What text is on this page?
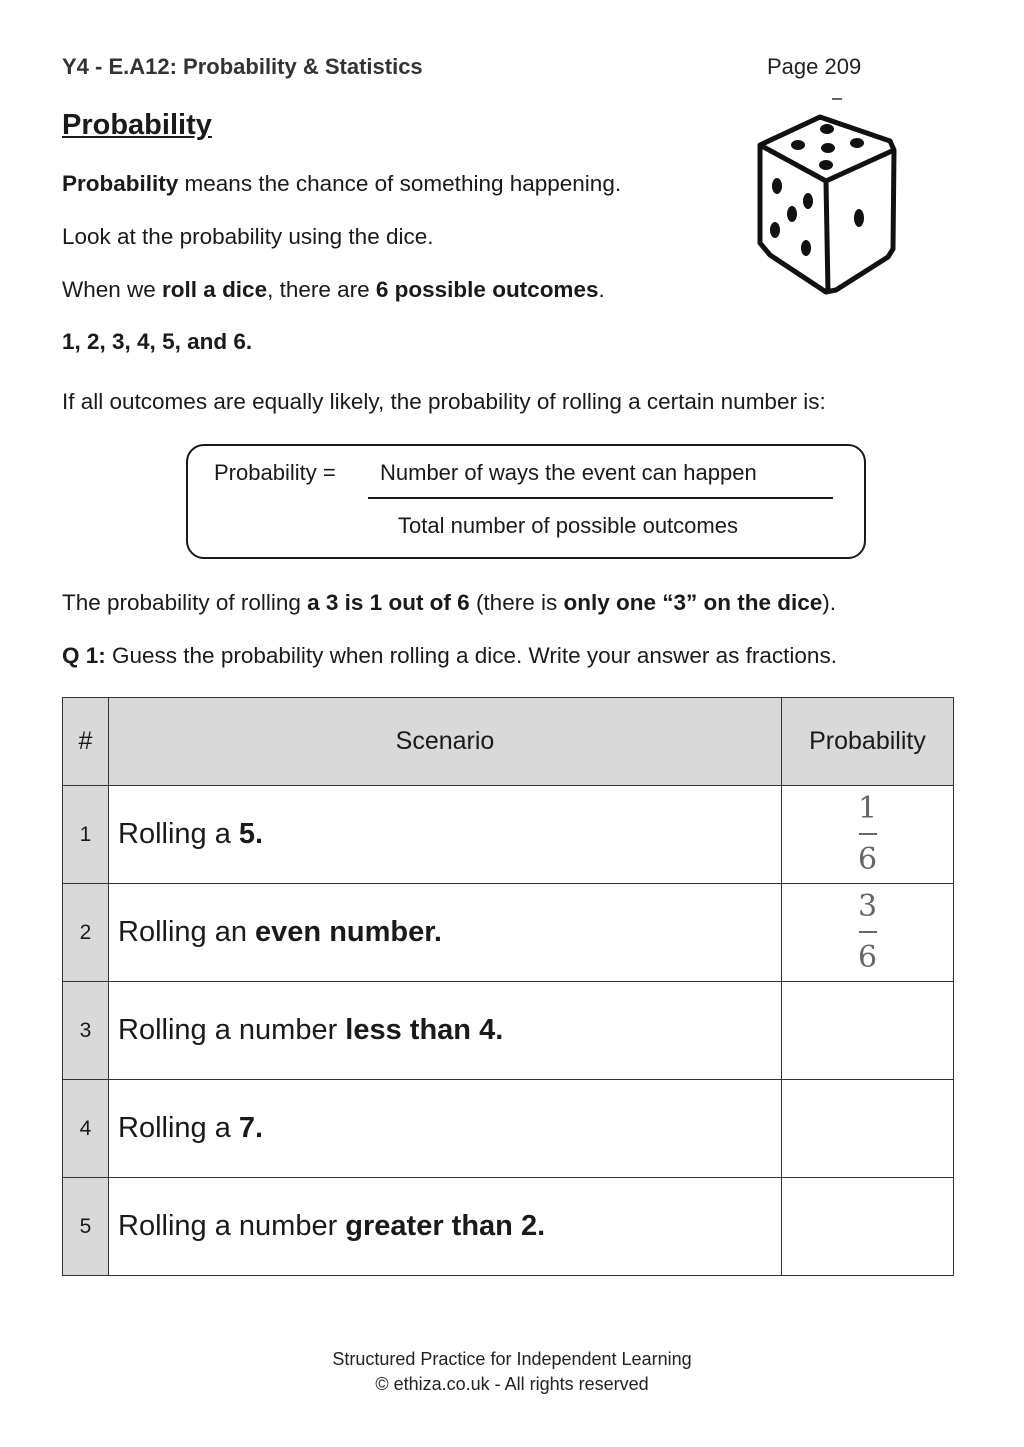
Y4 - E.A12: Probability & Statistics	Page 209
Probability
Probability means the chance of something happening.
Look at the probability using the dice.
When we roll a dice, there are 6 possible outcomes.
1, 2, 3, 4, 5, and 6.
If all outcomes are equally likely, the probability of rolling a certain number is:
Probability = Number of ways the event can happen
Total number of possible outcomes
The probability of rolling a 3 is 1 out of 6 (there is only one “3” on the dice).
Q 1: Guess the probability when rolling a dice. Write your answer as fractions.
#	Scenario	Probability
1	Rolling a 5.	$\frac{1}{6}$

2	Rolling an even number.	$\frac{3}{6}$

3	Rolling a number less than 4.	
4	Rolling a 7.	
5	Rolling a number greater than 2.	
Structured Practice for Independent Learning
© ethiza.co.uk - All rights reserved
